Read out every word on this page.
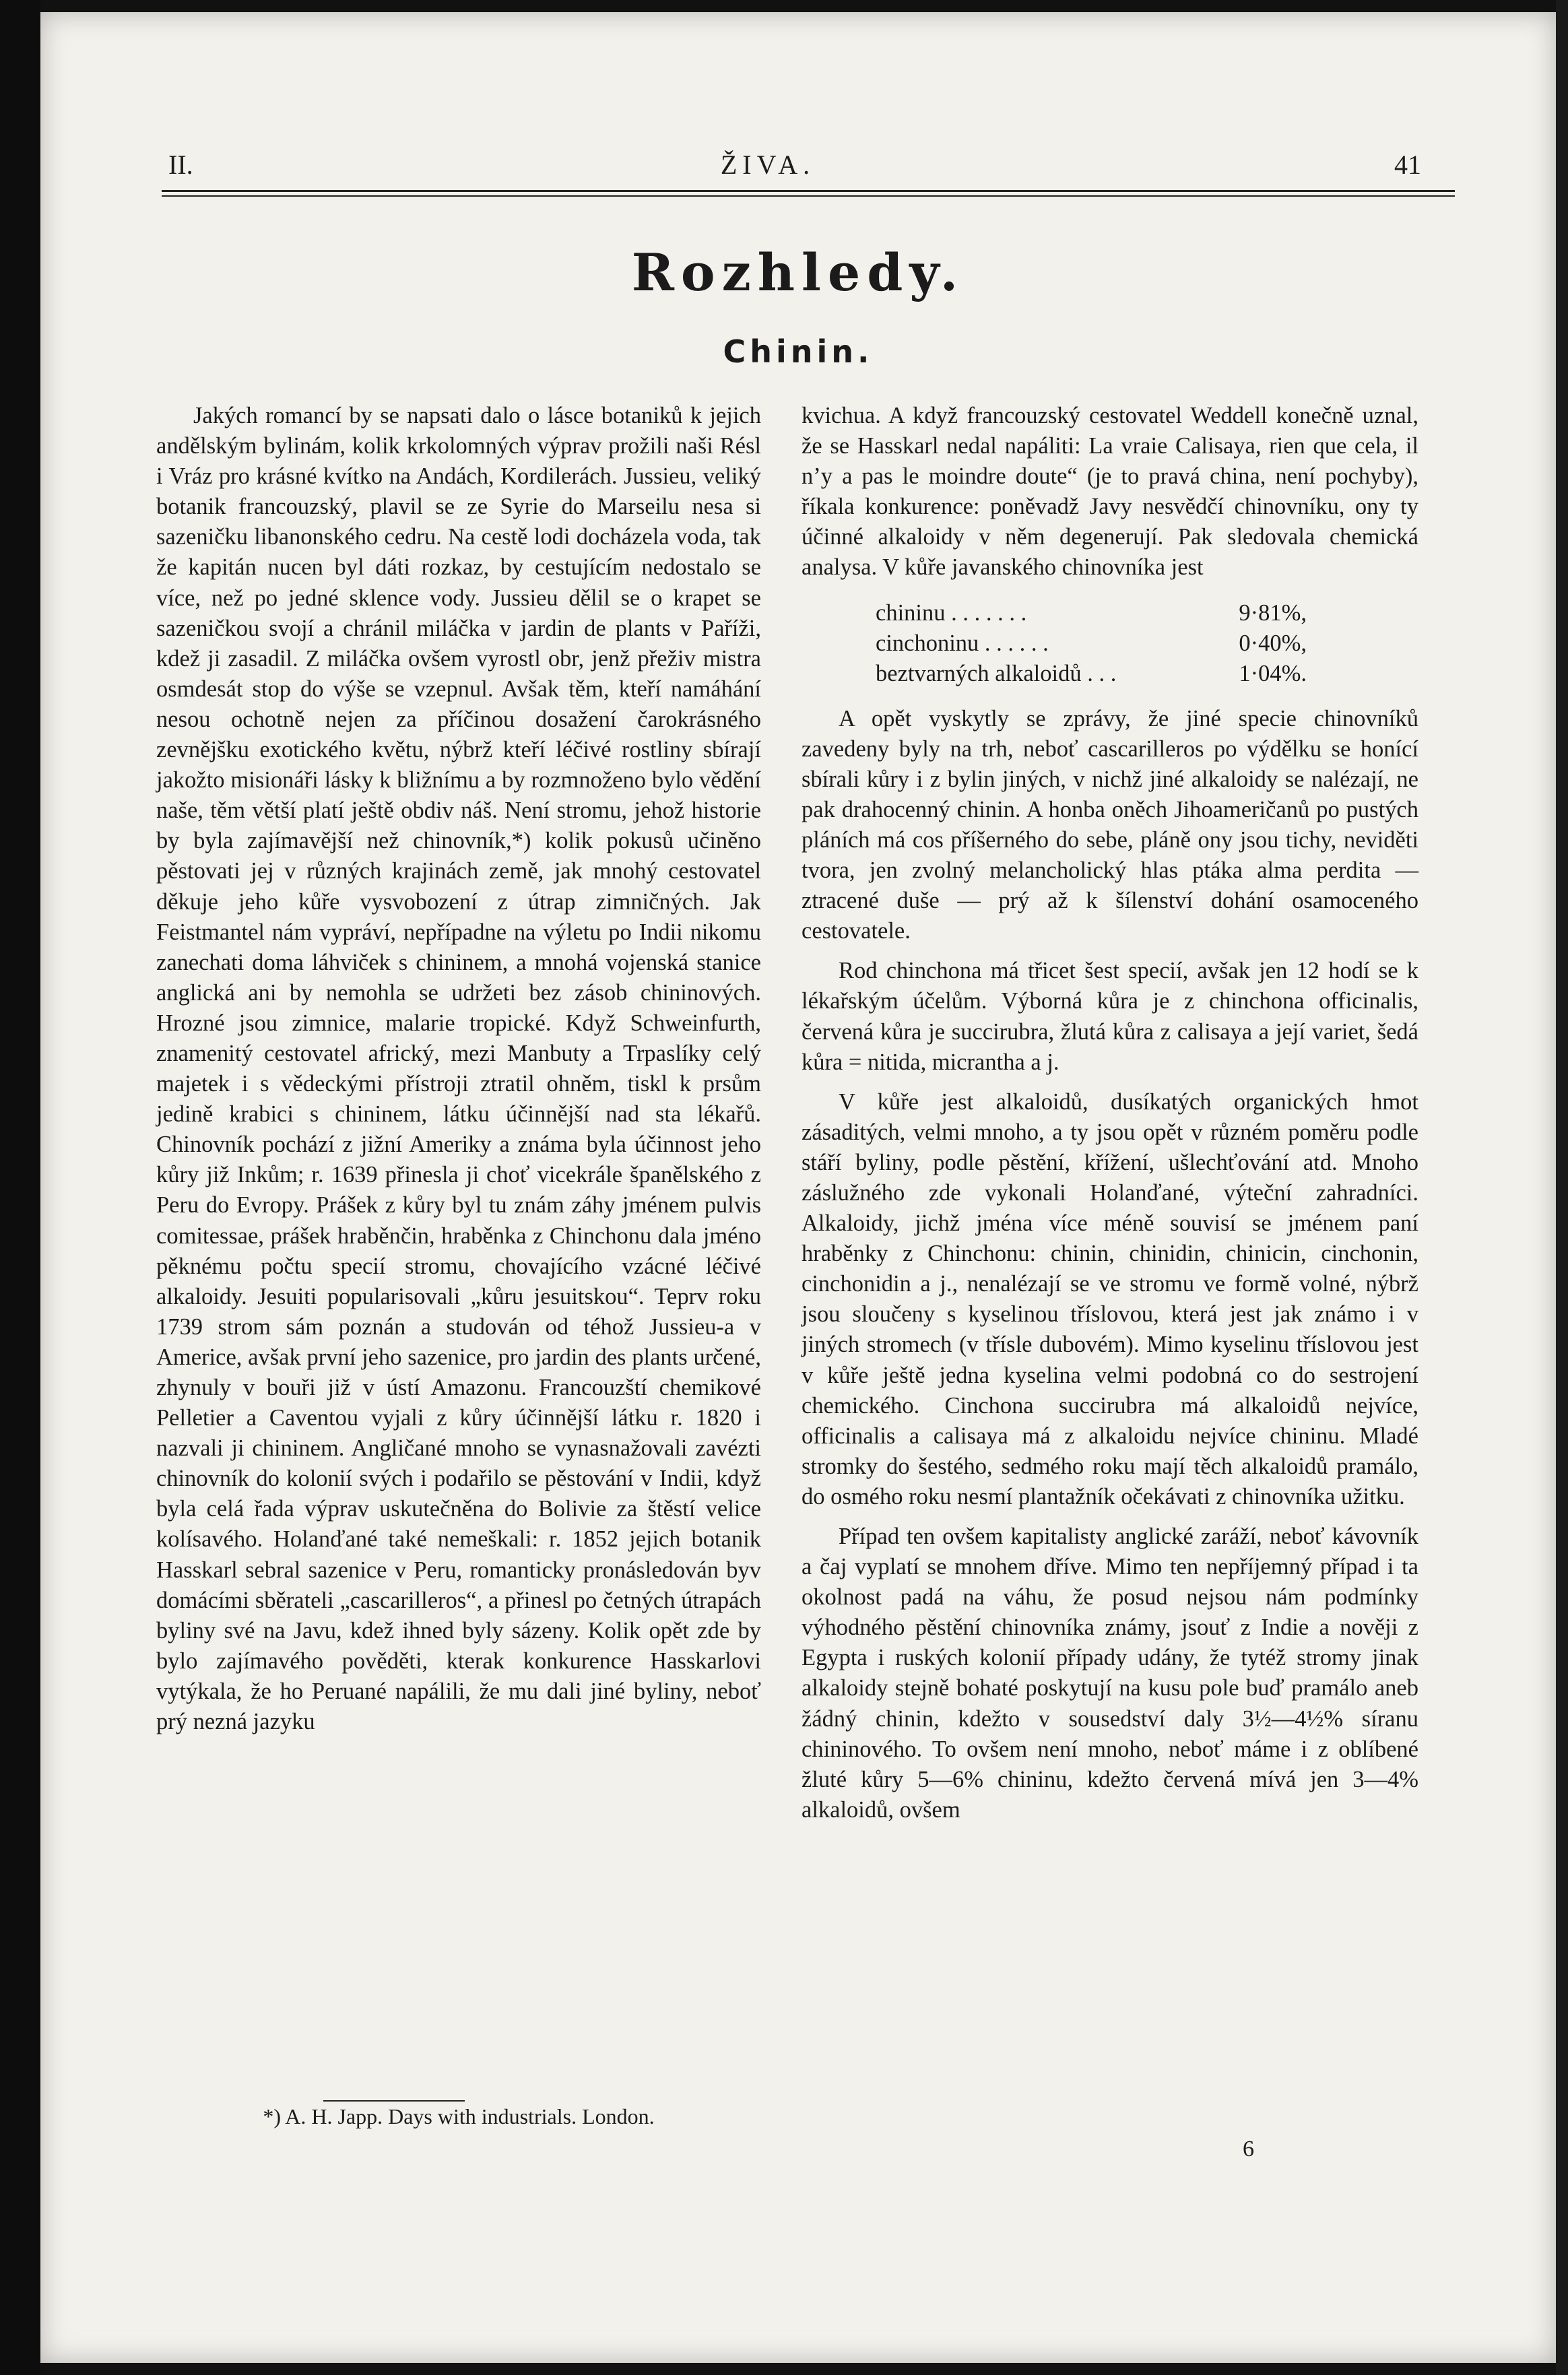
II.	ŽIVA.	41
Rozhledy.
Chinin.

Jakých romancí by se napsati dalo o lásce botaniků k jejich andělským bylinám, kolik krkolomných výprav prožili naši Résl i Vráz pro krásné kvítko na Andách, Kordilerách. Jussieu, veliký botanik francouzský, plavil se ze Syrie do Marseilu nesa si sazeničku libanonského cedru. Na cestě lodi docházela voda, tak že kapitán nucen byl dáti rozkaz, by cestujícím nedostalo se více, než po jedné sklence vody. Jussieu dělil se o krapet se sazeničkou svojí a chránil miláčka v jardin de plants v Paříži, kdež ji zasadil. Z miláčka ovšem vyrostl obr, jenž přeživ mistra osmdesát stop do výše se vzepnul. Avšak těm, kteří namáhání nesou ochotně nejen za příčinou dosažení čarokrásného zevnějšku exotického květu, nýbrž kteří léčivé rostliny sbírají jakožto misionáři lásky k bližnímu a by rozmnoženo bylo vědění naše, těm větší platí ještě obdiv náš. Není stromu, jehož historie by byla zajímavější než chinovník,*) kolik pokusů učiněno pěstovati jej v různých krajinách země, jak mnohý cestovatel děkuje jeho kůře vysvobození z útrap zimničných. Jak Feistmantel nám vypráví, nepřípadne na výletu po Indii nikomu zanechati doma láhviček s chininem, a mnohá vojenská stanice anglická ani by nemohla se udržeti bez zásob chininových. Hrozné jsou zimnice, malarie tropické. Když Schweinfurth, znamenitý cestovatel africký, mezi Manbuty a Trpaslíky celý majetek i s vědeckými přístroji ztratil ohněm, tiskl k prsům jedině krabici s chininem, látku účinnější nad sta lékařů. Chinovník pochází z jižní Ameriky a známa byla účinnost jeho kůry již Inkům; r. 1639 přinesla ji choť vicekrále španělského z Peru do Evropy. Prášek z kůry byl tu znám záhy jménem pulvis comitessae, prášek hraběnčin, hraběnka z Chinchonu dala jméno pěknému počtu specií stromu, chovajícího vzácné léčivé alkaloidy. Jesuiti popularisovali „kůru jesuitskou“. Teprv roku 1739 strom sám poznán a studován od téhož Jussieu-a v Americe, avšak první jeho sazenice, pro jardin des plants určené, zhynuly v bouři již v ústí Amazonu. Francouzští chemikové Pelletier a Caventou vyjali z kůry účinnější látku r. 1820 i nazvali ji chininem. Angličané mnoho se vynasnažovali zavézti chinovník do kolonií svých i podařilo se pěstování v Indii, když byla celá řada výprav uskutečněna do Bolivie za štěstí velice kolísavého. Holanďané také nemeškali: r. 1852 jejich botanik Hasskarl sebral sazenice v Peru, romanticky pronásledován byv domácími sběrateli „cascarilleros“, a přinesl po četných útrapách byliny své na Javu, kdež ihned byly sázeny. Kolik opět zde by bylo zajímavého pověděti, kterak konkurence Hasskarlovi vytýkala, že ho Peruané napálili, že mu dali jiné byliny, neboť prý nezná jazyku

kvichua. A když francouzský cestovatel Weddell konečně uznal, že se Hasskarl nedal napáliti: La vraie Calisaya, rien que cela, il n’y a pas le moindre doute“ (je to pravá china, není pochyby), říkala konkurence: poněvadž Javy nesvědčí chinovníku, ony ty účinné alkaloidy v něm degenerují. Pak sledovala chemická analysa. V kůře javanského chinovníka jest

chininu . . . . . . .	9·81%,
cinchoninu . . . . . .	0·40%,
beztvarných alkaloidů . . .	1·04%.

A opět vyskytly se zprávy, že jiné specie chinovníků zavedeny byly na trh, neboť cascarilleros po výdělku se honící sbírali kůry i z bylin jiných, v nichž jiné alkaloidy se nalézají, ne pak drahocenný chinin. A honba oněch Jihoameričanů po pustých pláních má cos příšerného do sebe, pláně ony jsou tichy, neviděti tvora, jen zvolný melancholický hlas ptáka alma perdita — ztracené duše — prý až k šílenství dohání osamoceného cestovatele.

Rod chinchona má třicet šest specií, avšak jen 12 hodí se k lékařským účelům. Výborná kůra je z chinchona officinalis, červená kůra je succirubra, žlutá kůra z calisaya a její variet, šedá kůra = nitida, micrantha a j.

V kůře jest alkaloidů, dusíkatých organických hmot zásaditých, velmi mnoho, a ty jsou opět v různém poměru podle stáří byliny, podle pěstění, křížení, ušlechťování atd. Mnoho záslužného zde vykonali Holanďané, výteční zahradníci. Alkaloidy, jichž jména více méně souvisí se jménem paní hraběnky z Chinchonu: chinin, chinidin, chinicin, cinchonin, cinchonidin a j., nenalézají se ve stromu ve formě volné, nýbrž jsou sloučeny s kyselinou tříslovou, která jest jak známo i v jiných stromech (v třísle dubovém). Mimo kyselinu tříslovou jest v kůře ještě jedna kyselina velmi podobná co do sestrojení chemického. Cinchona succirubra má alkaloidů nejvíce, officinalis a calisaya má z alkaloidu nejvíce chininu. Mladé stromky do šestého, sedmého roku mají těch alkaloidů pramálo, do osmého roku nesmí plantažník očekávati z chinovníka užitku.

Případ ten ovšem kapitalisty anglické zaráží, neboť kávovník a čaj vyplatí se mnohem dříve. Mimo ten nepříjemný případ i ta okolnost padá na váhu, že posud nejsou nám podmínky výhodného pěstění chinovníka známy, jsouť z Indie a nověji z Egypta i ruských kolonií případy udány, že tytéž stromy jinak alkaloidy stejně bohaté poskytují na kusu pole buď pramálo aneb žádný chinin, kdežto v sousedství daly 3½—4½% síranu chininového. To ovšem není mnoho, neboť máme i z oblíbené žluté kůry 5—6% chininu, kdežto červená mívá jen 3—4% alkaloidů, ovšem

*) A. H. Japp. Days with industrials. London.
6
